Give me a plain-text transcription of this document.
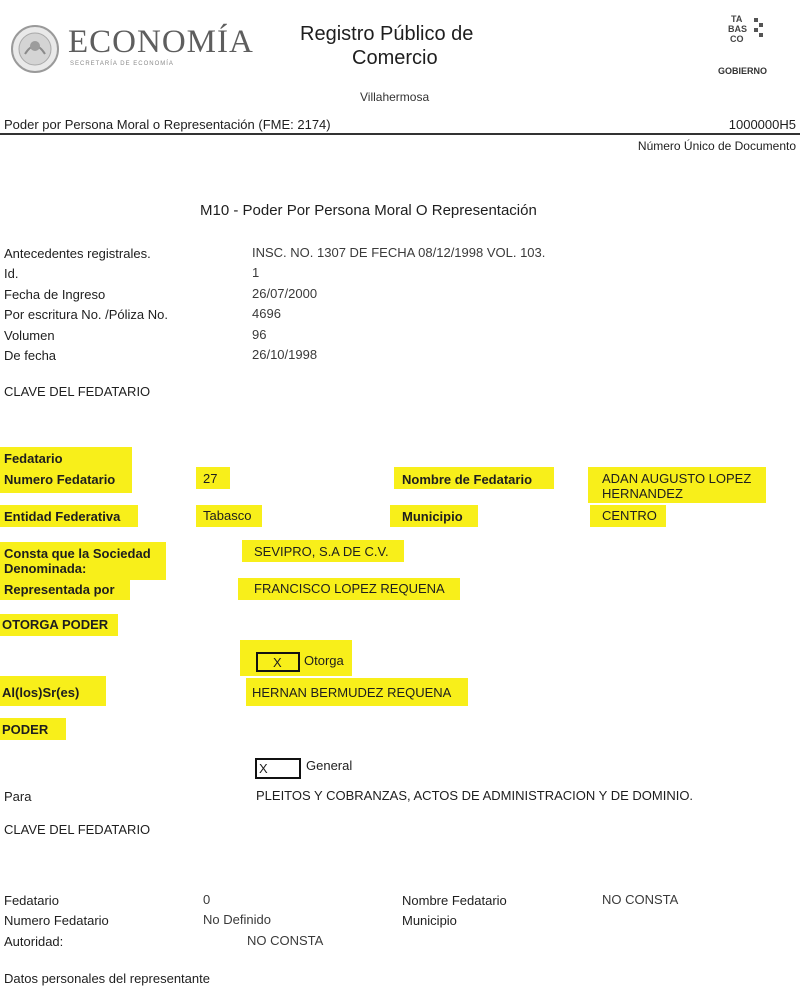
ECONOMÍA
SECRETARÍA DE ECONOMÍA
Registro Público de
Comercio
Villahermosa
TA
BAS
CO
GOBIERNO
Poder por Persona Moral o Representación (FME: 2174)	1000000H5
Número Único de Documento
M10 - Poder Por Persona Moral O Representación
Antecedentes registrales.	INSC. NO. 1307 DE FECHA 08/12/1998 VOL. 103.
Id.	1
Fecha de Ingreso	26/07/2000
Por escritura No. /Póliza No.	4696
Volumen	96
De fecha	26/10/1998
CLAVE DEL FEDATARIO
Fedatario
Numero Fedatario	27	Nombre de Fedatario	ADAN AUGUSTO LOPEZ
HERNANDEZ
Entidad Federativa	Tabasco	Municipio	CENTRO
Consta que la Sociedad
Denominada:
SEVIPRO, S.A DE C.V.
Representada por	FRANCISCO LOPEZ REQUENA
OTORGA PODER
X Otorga
Al(los)Sr(es)	HERNAN BERMUDEZ REQUENA
PODER
X	General
Para	PLEITOS Y COBRANZAS, ACTOS DE ADMINISTRACION Y DE DOMINIO.
CLAVE DEL FEDATARIO
Fedatario	0
Numero Fedatario	No Definido
Autoridad:	NO CONSTA
Nombre Fedatario	NO CONSTA
Municipio
Datos personales del representante
